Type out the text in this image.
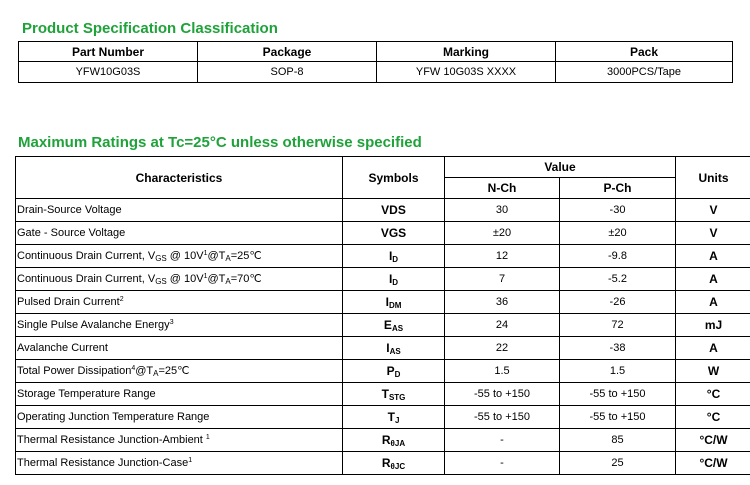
Product Specification Classification
Part Number	Package	Marking	Pack
YFW10G03S	SOP-8	YFW 10G03S XXXX	3000PCS/Tape
Maximum Ratings at Tc=25°C unless otherwise specified
Characteristics	Symbols	Value		Units
		N-Ch	P-Ch	
Drain-Source Voltage	VDS	30	-30	V
Gate - Source Voltage	VGS	±20	±20	V
Continuous Drain Current, $V_{GS}$ @ $10V^1@T_A=25℃$	$I_D$	12	-9.8	A
Continuous Drain Current, $V_{GS}$ @ $10V^1@T_A=70℃$	$I_D$	7	-5.2	A
Pulsed Drain Current$^2$	$I_{DM}$	36	-26	A
Single Pulse Avalanche Energy$^3$	$E_{AS}$	24	72	mJ
Avalanche Current	$I_{AS}$	22	-38	A
Total Power $Dissipation^4@T_A=25℃$	$P_D$	1.5	1.5	W
Storage Temperature Range	$T_{STG}$	-55 to +150	-55 to +150	°C
Operating Junction Temperature Range	$T_J$	-55 to +150	-55 to +150	°C
Thermal Resistance Junction-Ambient $^1$	$R_{\theta JA}$	-	85	°C/W
Thermal Resistance Junction-Case$^1$	$R_{\theta JC}$	-	25	°C/W
